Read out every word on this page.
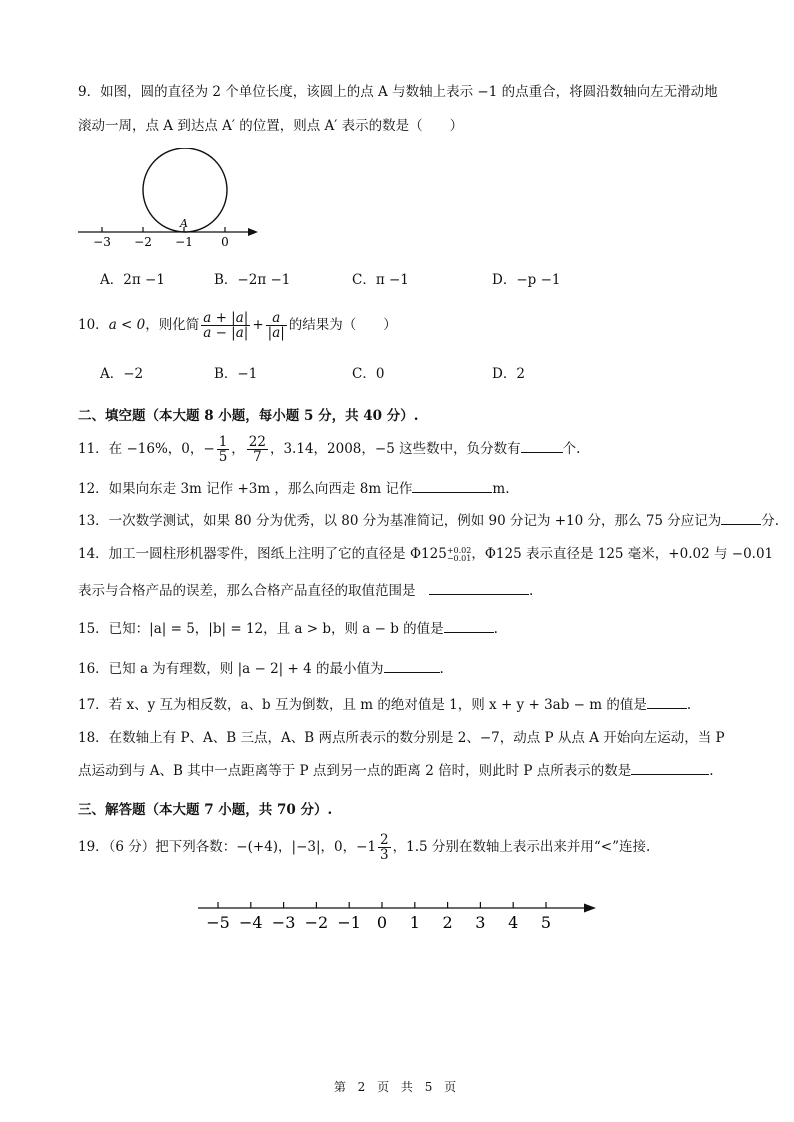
9．如图，圆的直径为 2 个单位长度，该圆上的点 A 与数轴上表示 −1 的点重合，将圆沿数轴向左无滑动地
滚动一周，点 A 到达点 A′ 的位置，则点 A′ 表示的数是（　　）
−3 −2 −1 0
A
A．2π −1	B．−2π −1	C．π −1	D．−p −1
10．a < 0，则化简 $\frac{a + |a|}{a - |a|} + \frac{a}{|a|}$ 的结果为（　　）
A．−2	B．−1	C．0	D．2
二、填空题（本大题 8 小题，每小题 5 分，共 40 分）.
11．在 −16%，0，− $\frac{1}{5}$ ， $\frac{22}{7}$ ，3.14，2008，−5 这些数中，负分数有	个.
12．如果向东走 3m 记作 +3m ，那么向西走 8m 记作	m.
13．一次数学测试，如果 80 分为优秀，以 80 分为基准简记，例如 90 分记为 +10 分，那么 75 分应记为	分.
14．加工一圆柱形机器零件，图纸上注明了它的直径是 Φ125 +0.02
−0.01 ，Φ125 表示直径是 125 毫米，+0.02 与 −0.01
表示与合格产品的误差，那么合格产品直径的取值范围是　	.
15．已知：|a| = 5，|b| = 12，且 a > b，则 a − b 的值是	.
16．已知 a 为有理数，则 |a − 2| + 4 的最小值为	.
17．若 x、y 互为相反数，a、b 互为倒数，且 m 的绝对值是 1，则 x + y + 3ab − m 的值是	.
18．在数轴上有 P、A、B 三点，A、B 两点所表示的数分别是 2、−7，动点 P 从点 A 开始向左运动，当 P
点运动到与 A、B 其中一点距离等于 P 点到另一点的距离 2 倍时，则此时 P 点所表示的数是	.
三、解答题（本大题 7 小题，共 70 分）.
19．（6 分）把下列各数：−(+4)，|−3|，0，$-1 \frac{2}{3}$ ，1.5 分别在数轴上表示出来并用“<”连接.
−5 −4 −3 −2 −1 0 1 2 3 4 5
第 2 页 共 5 页
